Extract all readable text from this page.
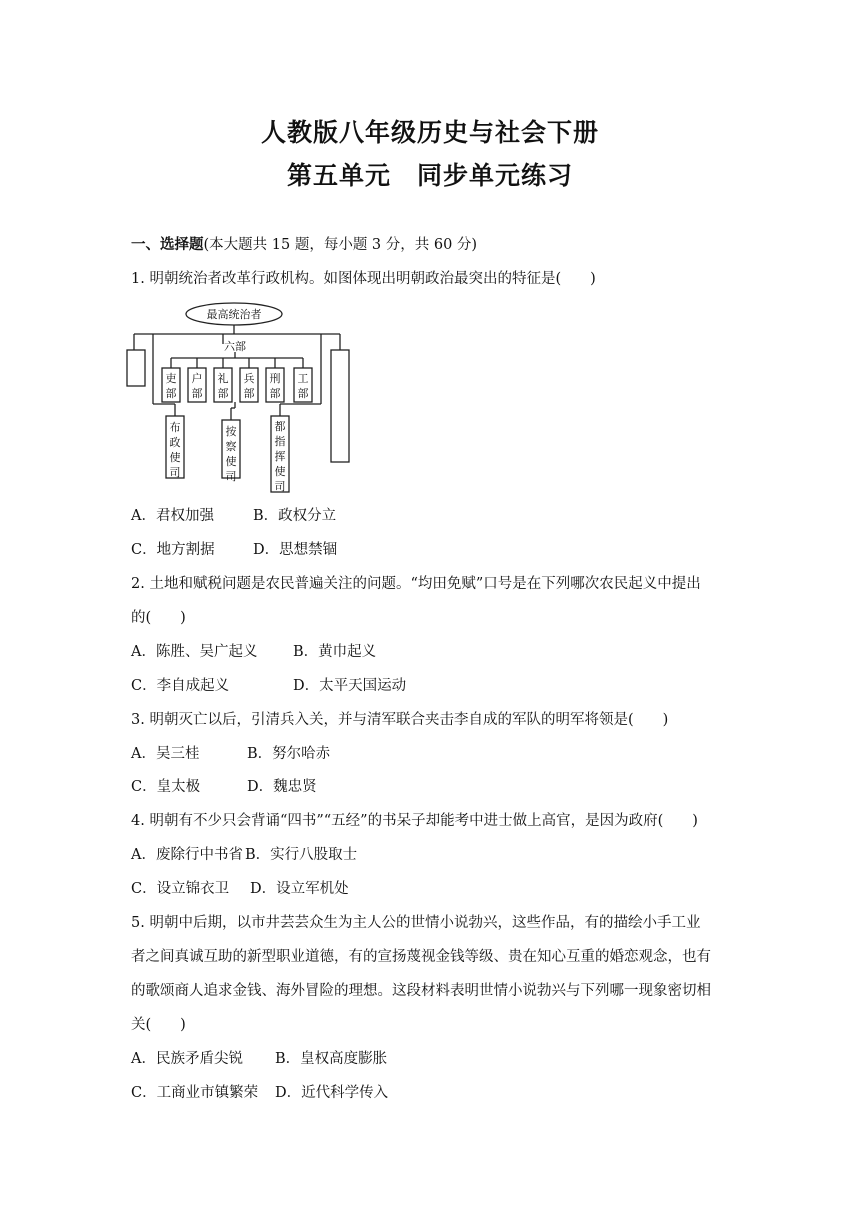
人教版八年级历史与社会下册
第五单元　同步单元练习
一、选择题(本大题共 15 题，每小题 3 分，共 60 分)
1. 明朝统治者改革行政机构。如图体现出明朝政治最突出的特征是(　　)
最高统治者
六部
吏
部
户
部
礼
部
兵
部
刑
部
工
部
布
政
使
司
按
察
使
司
都
指
挥
使
司
A．君权加强	B．政权分立
C．地方割据	D．思想禁锢
2. 土地和赋税问题是农民普遍关注的问题。“均田免赋”口号是在下列哪次农民起义中提出
的(　　)
A．陈胜、吴广起义 B．黄巾起义
C．李自成起义	D．太平天国运动
3. 明朝灭亡以后，引清兵入关，并与清军联合夹击李自成的军队的明军将领是(　　)
A．吴三桂	B．努尔哈赤
C．皇太极	D．魏忠贤
4. 明朝有不少只会背诵“四书”“五经”的书呆子却能考中进士做上高官，是因为政府(　　)
A．废除行中书省 B．实行八股取士
C．设立锦衣卫 D．设立军机处
5. 明朝中后期，以市井芸芸众生为主人公的世情小说勃兴，这些作品，有的描绘小手工业
者之间真诚互助的新型职业道德，有的宣扬蔑视金钱等级、贵在知心互重的婚恋观念，也有
的歌颂商人追求金钱、海外冒险的理想。这段材料表明世情小说勃兴与下列哪一现象密切相
关(　　)
A．民族矛盾尖锐 B．皇权高度膨胀
C．工商业市镇繁荣 D．近代科学传入
